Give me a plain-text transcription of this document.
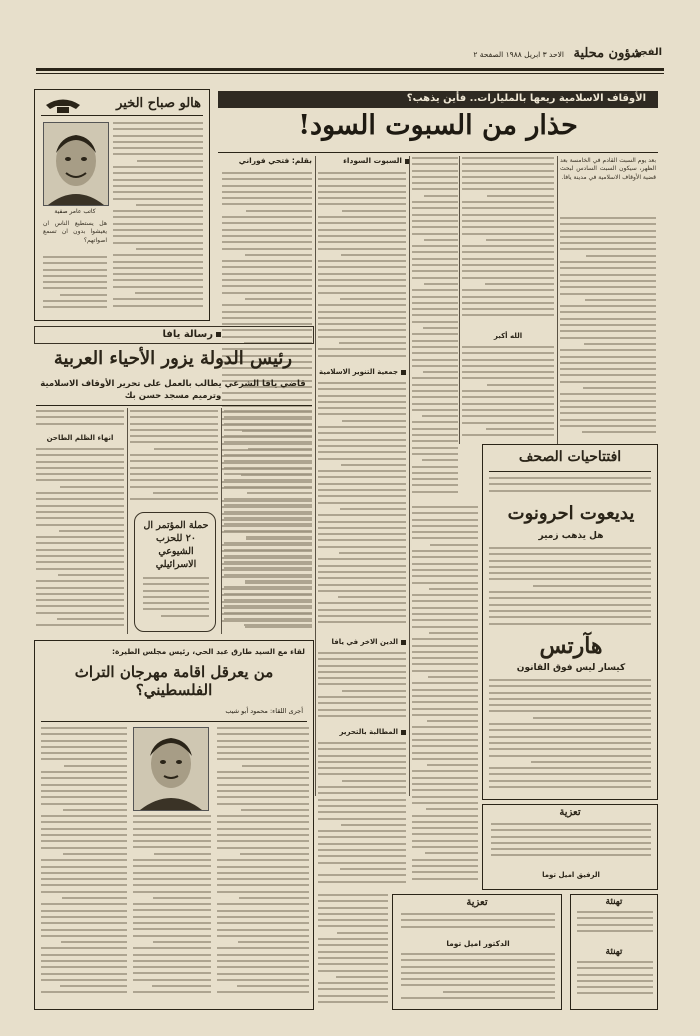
شؤون محلية
الفجر
الاحد ٣ ابريل ١٩٨٨ الصفحة ٢
الأوقاف الاسلامية ريعها بالمليارات.. فأين يذهب؟
حذار من السبوت السود!
بقلم: فتحي فوراني	السبوت السوداء	بعد يوم السبت القادم في الخامسة بعد الظهر، سيكون السبت السادس لبحث قضية الأوقاف الاسلامية في مدينة يافا.
الله أكبر
جمعية التنوير الاسلامية
هالو صباح الخير
كاتب عامر صفية
هل يستطيع الناس ان يعيشوا بدون ان تسمع اصواتهم؟
رسالة يافا
رئيس الدولة يزور الأحياء العربية
قاضي يافا الشرعي يطالب بالعمل على تحرير الأوقاف الاسلامية وترميم مسجد حسن بك
انهاء الظلم الطاحن
حملة المؤتمر ال ٢٠ للحزب الشيوعي الاسرائيلي
لقاء مع السيد طارق عبد الحي، رئيس مجلس الطيرة:
من يعرقل اقامة مهرجان التراث الفلسطيني؟
أجرى اللقاء: محمود أبو شيب
الدين الاخر في يافا
المطالبة بالتحرير
افتتاحيات الصحف
يديعوت احرونوت
هل يذهب زمير
هآرتس
كيسار ليس فوق القانون
تعزية
الرفيق اميل توما
تعزية
الدكتور اميل توما
تهنئة
تهنئة
